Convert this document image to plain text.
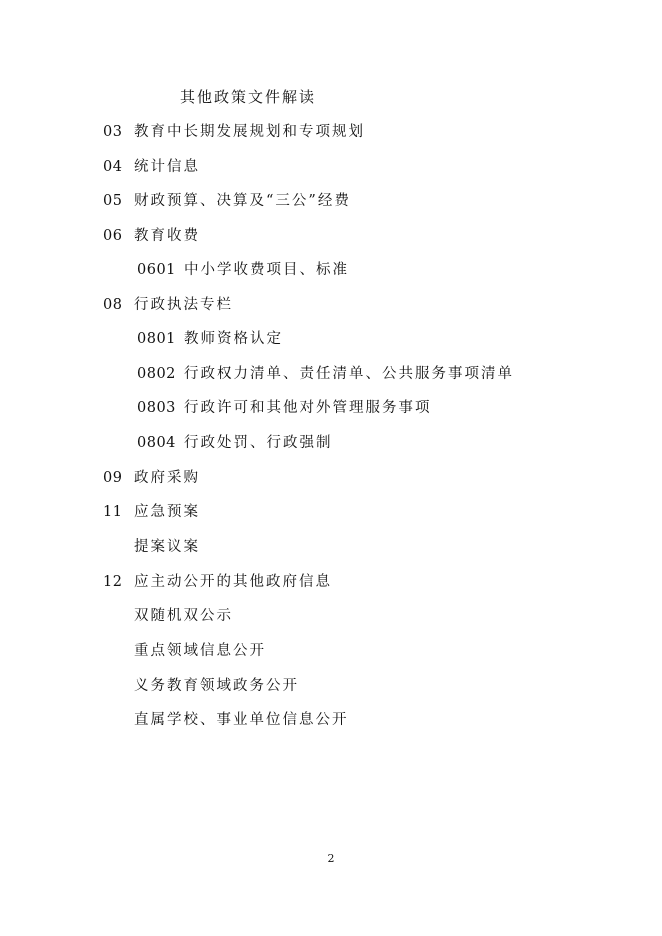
其他政策文件解读
03 教育中长期发展规划和专项规划
04 统计信息
05 财政预算、决算及“三公”经费
06 教育收费
0601 中小学收费项目、标准
08 行政执法专栏
0801 教师资格认定
0802 行政权力清单、责任清单、公共服务事项清单
0803 行政许可和其他对外管理服务事项
0804 行政处罚、行政强制
09 政府采购
11 应急预案
提案议案
12 应主动公开的其他政府信息
双随机双公示
重点领域信息公开
义务教育领域政务公开
直属学校、事业单位信息公开
2
